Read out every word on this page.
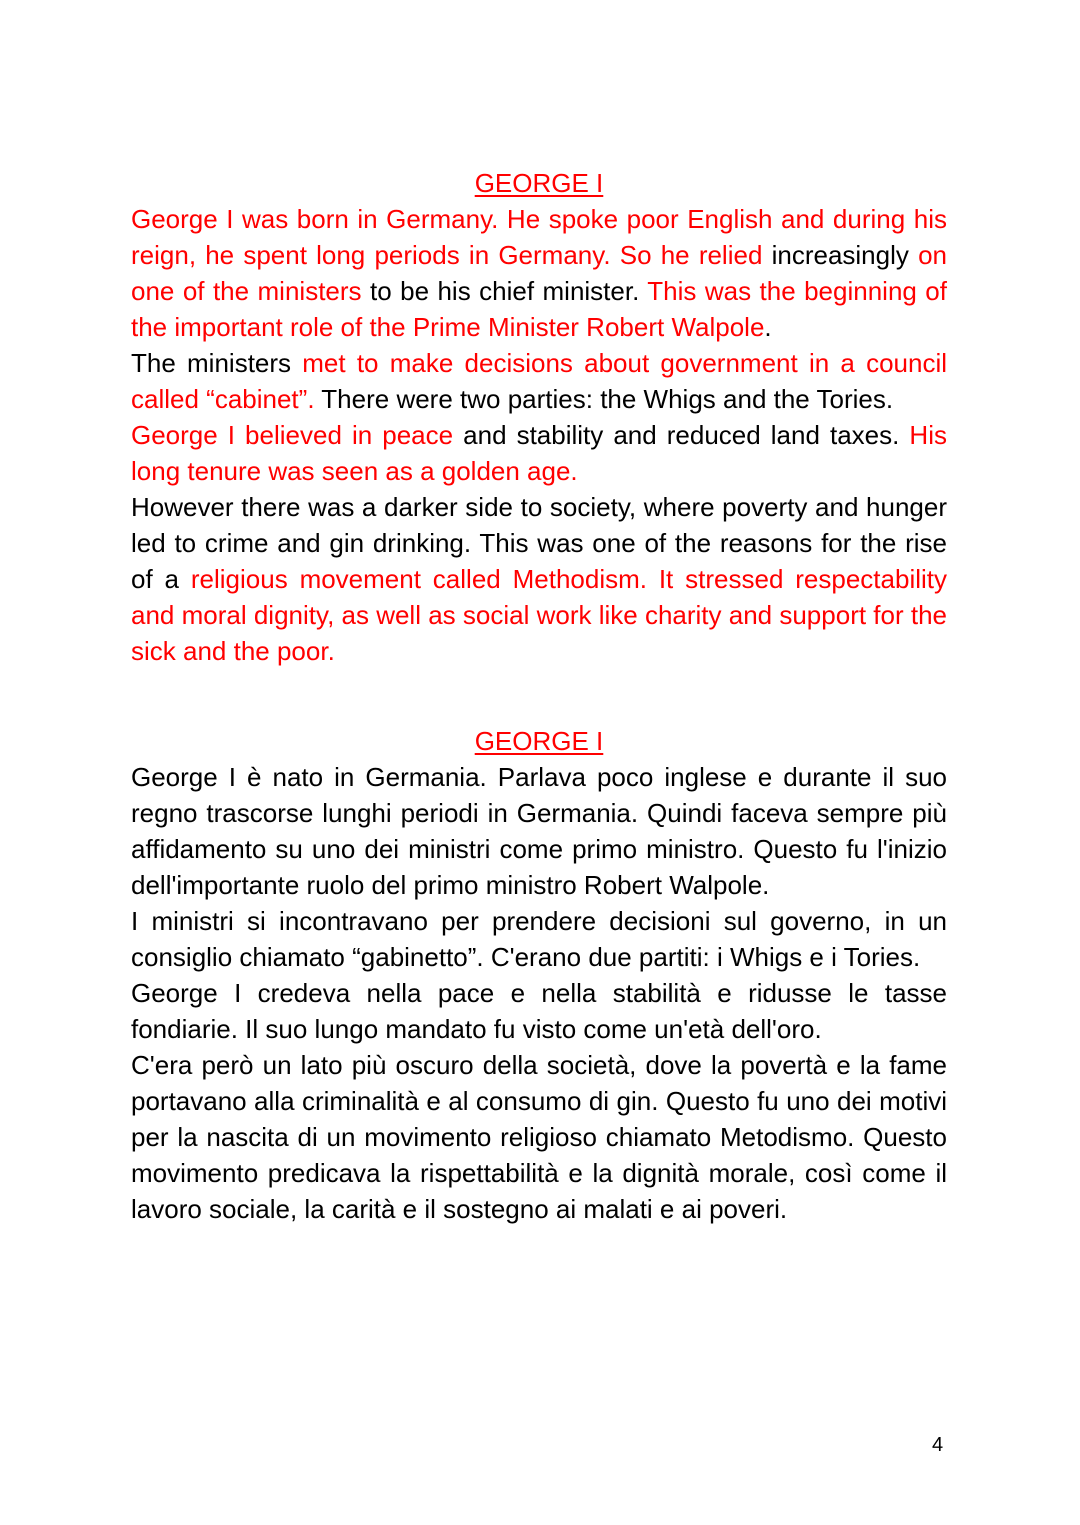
GEORGE I

George I was born in Germany. He spoke poor English and during his reign, he spent long periods in Germany. So he relied increasingly on one of the ministers to be his chief minister. This was the beginning of the important role of the Prime Minister Robert Walpole.

The ministers met to make decisions about government in a council called “cabinet”. There were two parties: the Whigs and the Tories.

George I believed in peace and stability and reduced land taxes. His long tenure was seen as a golden age.

However there was a darker side to society, where poverty and hunger led to crime and gin drinking. This was one of the reasons for the rise of a religious movement called Methodism. It stressed respectability and moral dignity, as well as social work like charity and support for the sick and the poor.

GEORGE I

George I è nato in Germania. Parlava poco inglese e durante il suo regno trascorse lunghi periodi in Germania. Quindi faceva sempre più affidamento su uno dei ministri come primo ministro. Questo fu l'inizio dell'importante ruolo del primo ministro Robert Walpole.

I ministri si incontravano per prendere decisioni sul governo, in un consiglio chiamato “gabinetto”. C'erano due partiti: i Whigs e i Tories.

George I credeva nella pace e nella stabilità e ridusse le tasse fondiarie. Il suo lungo mandato fu visto come un'età dell'oro.

C'era però un lato più oscuro della società, dove la povertà e la fame portavano alla criminalità e al consumo di gin. Questo fu uno dei motivi per la nascita di un movimento religioso chiamato Metodismo. Questo movimento predicava la rispettabilità e la dignità morale, così come il lavoro sociale, la carità e il sostegno ai malati e ai poveri.

4
